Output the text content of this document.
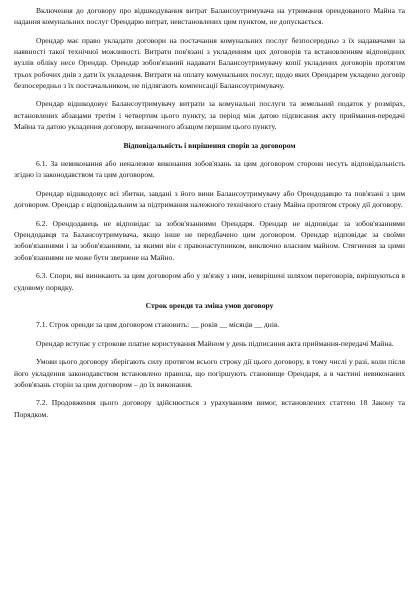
Включення до договору про відшкодування витрат Балансоутримувача на утримання орендованого Майна та надання комунальних послуг Орендарю витрат, невстановлених цим пунктом, не допускається.

Орендар має право укладати договори на постачання комунальних послуг безпосередньо з їх надавачами за наявності такої технічної можливості. Витрати пов'язані з укладенням цих договорів та встановленням відповідних вузлів обліку несе Орендар. Орендар зобов'язаний надавати Балансоутримувачу копії укладених договорів протягом трьох робочих днів з дати їх укладення. Витрати на оплату комунальних послуг, щодо яких Орендарем укладено договір безпосередньо з їх постачальником, не підлягають компенсації Балансоутримувачу.

Орендар відшкодовує Балансоутримувачу витрати за комунальні послуги та земельний податок у розмірах, встановлених абзацами третім і четвертим цього пункту, за період між датою підписання акту приймання-передачі Майна та датою укладення договору, визначеного абзацом першим цього пункту.

Відповідальність і вирішення спорів за договором

6.1. За невиконання або неналежне виконання зобов'язань за цим договором сторони несуть відповідальність згідно із законодавством та цим договором.

Орендар відшкодовує всі збитки, завдані з його вини Балансоутримувачу або Орендодавцю та пов'язані з цим договором. Орендар є відповідальним за підтримання належного технічного стану Майна протягом строку дії договору.

6.2. Орендодавець не відповідає за зобов'язаннями Орендаря. Орендар не відповідає за зобов'язаннями Орендодавця та Балансоутримувача, якщо інше не передбачено цим договором. Орендар відповідає за своїми зобов'язаннями і за зобов'язаннями, за якими він є правонаступником, виключно власним майном. Стягнення за цими зобов'язаннями не може бути звернене на Майно.

6.3. Спори, які виникають за цим договором або у зв'язку з ним, невирішені шляхом переговорів, вирішуються в судовому порядку.

Строк оренди та зміна умов договору

7.1. Строк оренди за цим договором становить: __ років __ місяців __ днів.

Орендар вступає у строкове платне користування Майном у день підписання акта приймання-передачі Майна.

Умови цього договору зберігають силу протягом всього строку дії цього договору, в тому числі у разі, коли після його укладення законодавством встановлено правила, що погіршують становище Орендаря, а в частині невиконаних зобов'язань сторін за цим договором – до їх виконання.

7.2. Продовження цього договору здійснюється з урахуванням вимог, встановлених статтею 18 Закону та Порядком.
